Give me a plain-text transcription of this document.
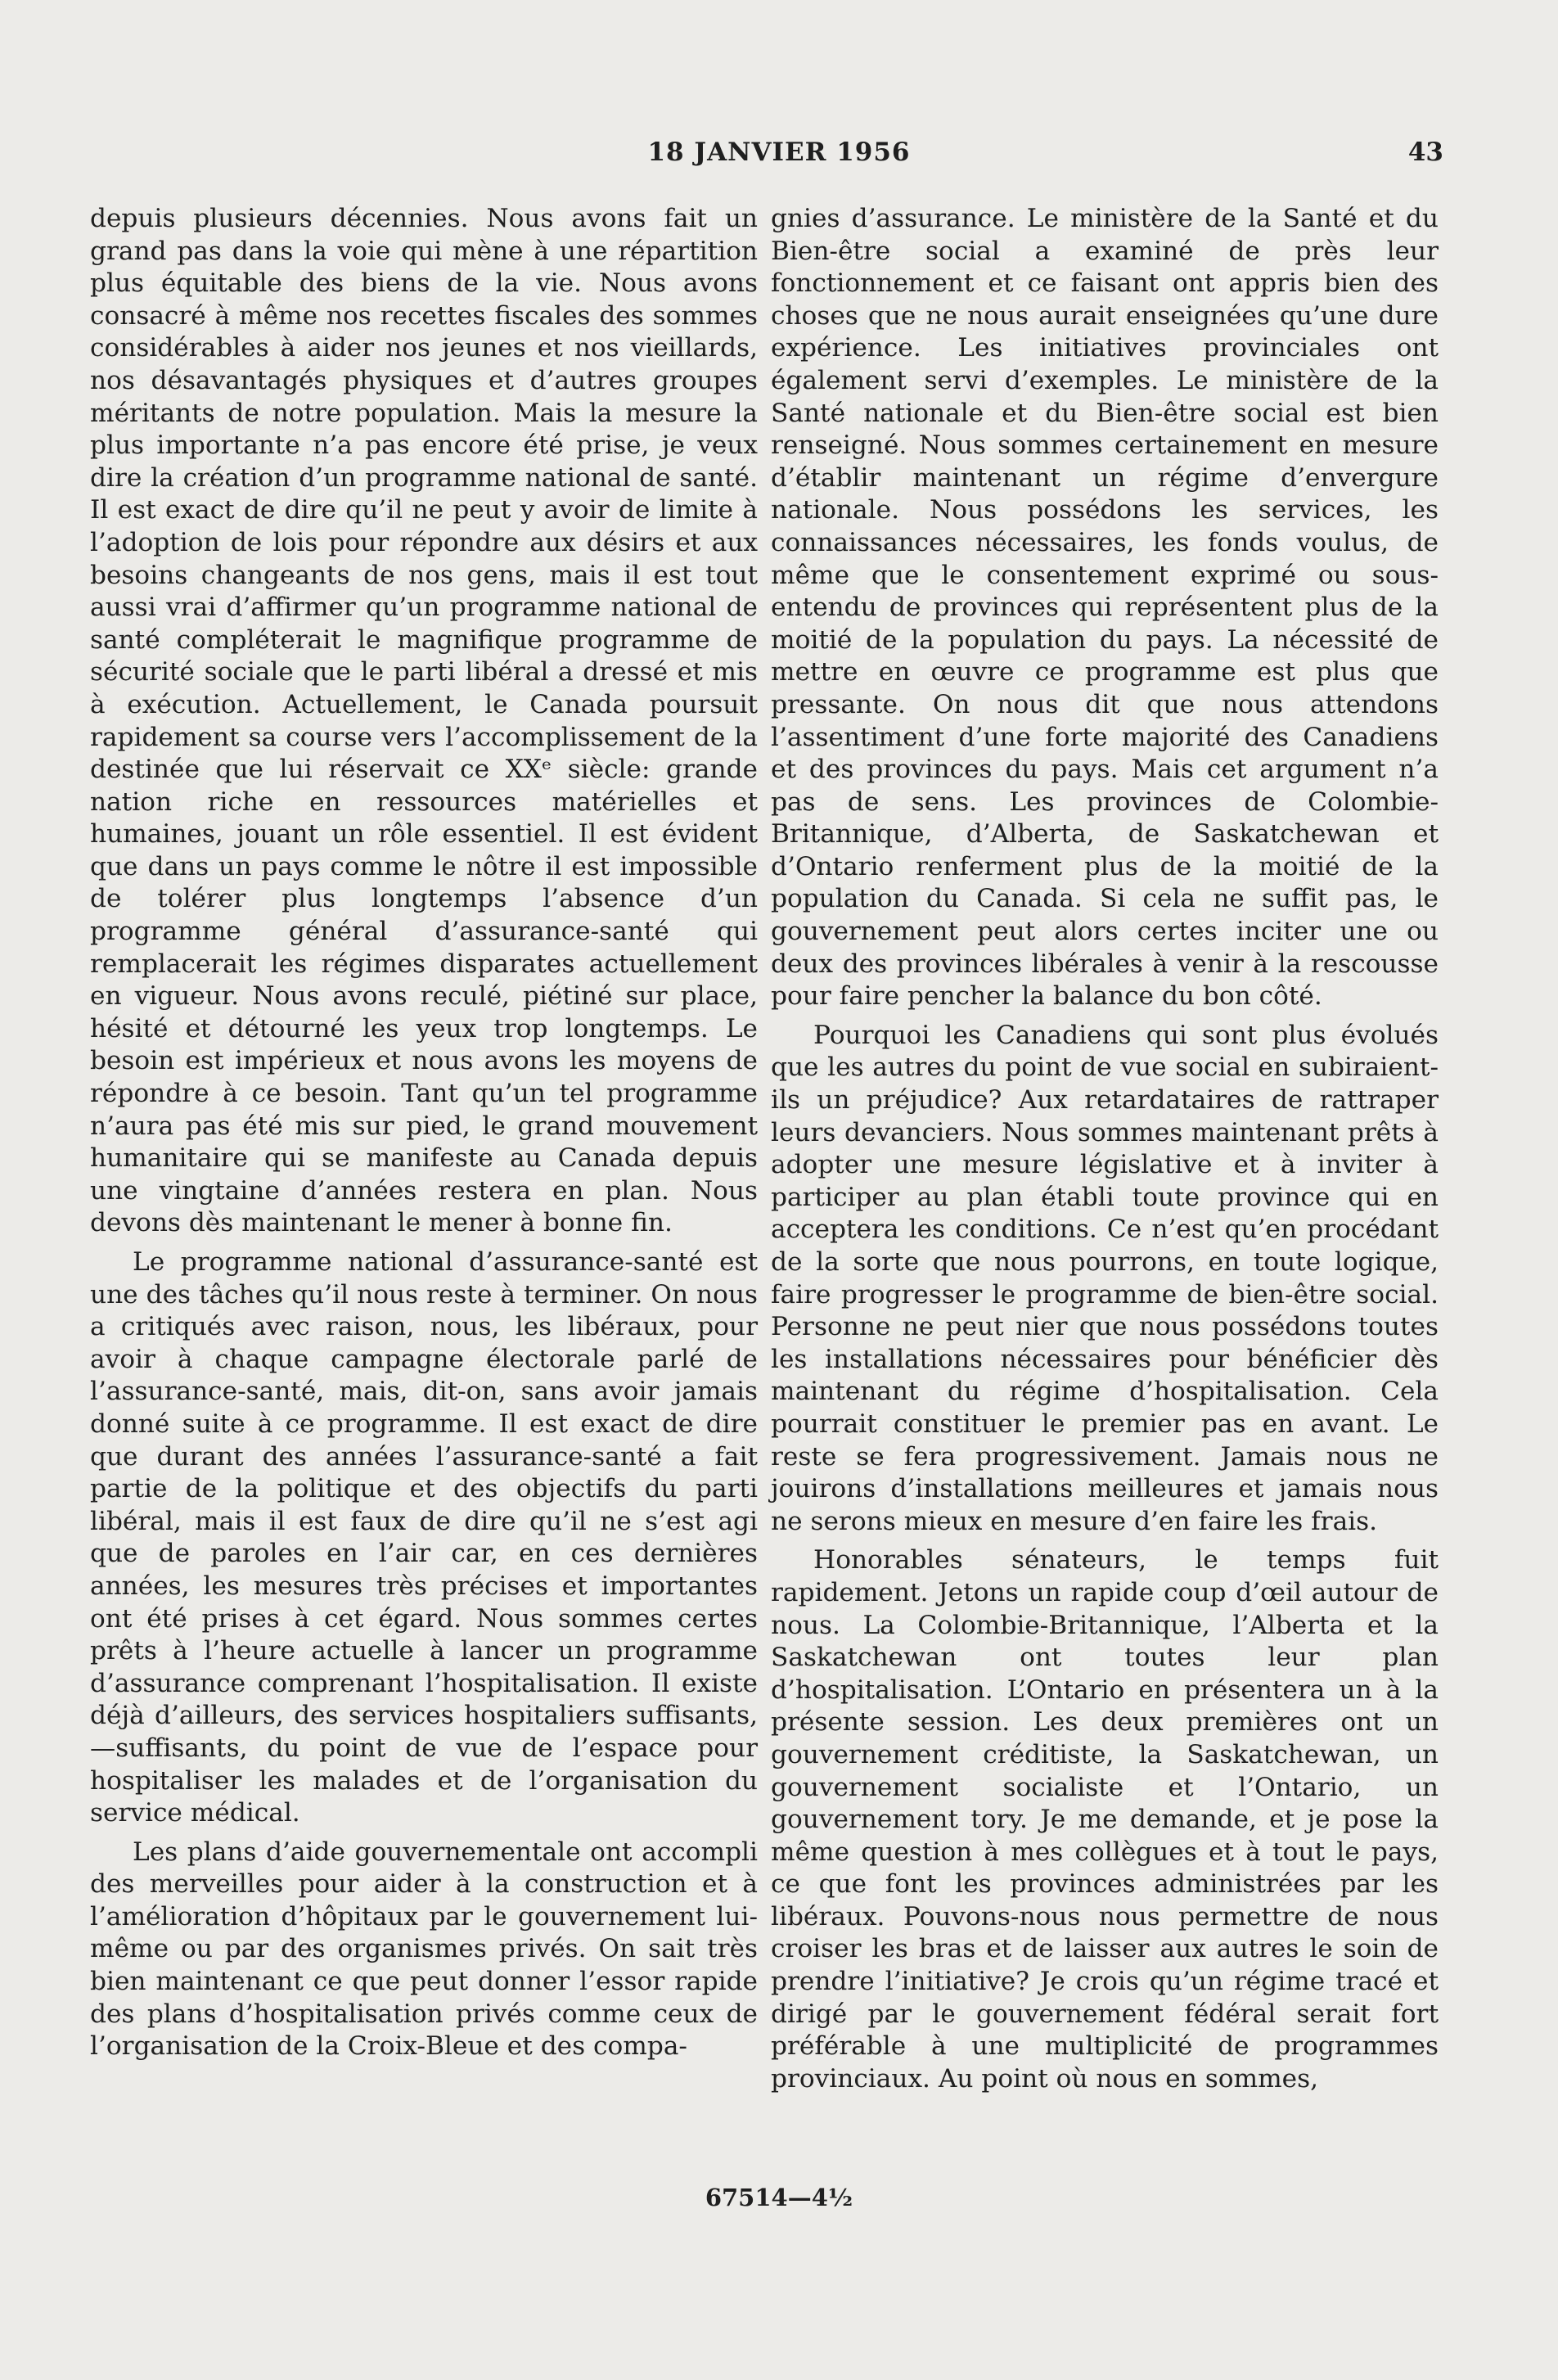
18 JANVIER 1956	43

depuis plusieurs décennies. Nous avons fait un grand pas dans la voie qui mène à une répartition plus équitable des biens de la vie. Nous avons consacré à même nos recettes fiscales des sommes considérables à aider nos jeunes et nos vieillards, nos désavantagés physiques et d’autres groupes méritants de notre population. Mais la mesure la plus importante n’a pas encore été prise, je veux dire la création d’un programme national de santé. Il est exact de dire qu’il ne peut y avoir de limite à l’adoption de lois pour répondre aux désirs et aux besoins changeants de nos gens, mais il est tout aussi vrai d’affirmer qu’un programme national de santé compléterait le magnifique programme de sécurité sociale que le parti libéral a dressé et mis à exécution. Actuellement, le Canada poursuit rapidement sa course vers l’accomplissement de la destinée que lui réservait ce XXᵉ siècle: grande nation riche en ressources matérielles et humaines, jouant un rôle essentiel. Il est évident que dans un pays comme le nôtre il est impossible de tolérer plus longtemps l’absence d’un programme général d’assurance-santé qui remplacerait les régimes disparates actuellement en vigueur. Nous avons reculé, piétiné sur place, hésité et détourné les yeux trop longtemps. Le besoin est impérieux et nous avons les moyens de répondre à ce besoin. Tant qu’un tel programme n’aura pas été mis sur pied, le grand mouvement humanitaire qui se manifeste au Canada depuis une vingtaine d’années restera en plan. Nous devons dès maintenant le mener à bonne fin.

Le programme national d’assurance-santé est une des tâches qu’il nous reste à terminer. On nous a critiqués avec raison, nous, les libéraux, pour avoir à chaque campagne électorale parlé de l’assurance-santé, mais, dit-on, sans avoir jamais donné suite à ce programme. Il est exact de dire que durant des années l’assurance-santé a fait partie de la politique et des objectifs du parti libéral, mais il est faux de dire qu’il ne s’est agi que de paroles en l’air car, en ces dernières années, les mesures très précises et importantes ont été prises à cet égard. Nous sommes certes prêts à l’heure actuelle à lancer un programme d’assurance comprenant l’hospitalisation. Il existe déjà d’ailleurs, des services hospitaliers suffisants,—suffisants, du point de vue de l’espace pour hospitaliser les malades et de l’organisation du service médical.

Les plans d’aide gouvernementale ont accompli des merveilles pour aider à la construction et à l’amélioration d’hôpitaux par le gouvernement lui-même ou par des organismes privés. On sait très bien maintenant ce que peut donner l’essor rapide des plans d’hospitalisation privés comme ceux de l’organisation de la Croix-Bleue et des compa-

gnies d’assurance. Le ministère de la Santé et du Bien-être social a examiné de près leur fonctionnement et ce faisant ont appris bien des choses que ne nous aurait enseignées qu’une dure expérience. Les initiatives provinciales ont également servi d’exemples. Le ministère de la Santé nationale et du Bien-être social est bien renseigné. Nous sommes certainement en mesure d’établir maintenant un régime d’envergure nationale. Nous possédons les services, les connaissances nécessaires, les fonds voulus, de même que le consentement exprimé ou sous-entendu de provinces qui représentent plus de la moitié de la population du pays. La nécessité de mettre en œuvre ce programme est plus que pressante. On nous dit que nous attendons l’assentiment d’une forte majorité des Canadiens et des provinces du pays. Mais cet argument n’a pas de sens. Les provinces de Colombie-Britannique, d’Alberta, de Saskatchewan et d’Ontario renferment plus de la moitié de la population du Canada. Si cela ne suffit pas, le gouvernement peut alors certes inciter une ou deux des provinces libérales à venir à la rescousse pour faire pencher la balance du bon côté.

Pourquoi les Canadiens qui sont plus évolués que les autres du point de vue social en subiraient-ils un préjudice? Aux retardataires de rattraper leurs devanciers. Nous sommes maintenant prêts à adopter une mesure législative et à inviter à participer au plan établi toute province qui en acceptera les conditions. Ce n’est qu’en procédant de la sorte que nous pourrons, en toute logique, faire progresser le programme de bien-être social. Personne ne peut nier que nous possédons toutes les installations nécessaires pour bénéficier dès maintenant du régime d’hospitalisation. Cela pourrait constituer le premier pas en avant. Le reste se fera progressivement. Jamais nous ne jouirons d’installations meilleures et jamais nous ne serons mieux en mesure d’en faire les frais.

Honorables sénateurs, le temps fuit rapidement. Jetons un rapide coup d’œil autour de nous. La Colombie-Britannique, l’Alberta et la Saskatchewan ont toutes leur plan d’hospitalisation. L’Ontario en présentera un à la présente session. Les deux premières ont un gouvernement créditiste, la Saskatchewan, un gouvernement socialiste et l’Ontario, un gouvernement tory. Je me demande, et je pose la même question à mes collègues et à tout le pays, ce que font les provinces administrées par les libéraux. Pouvons-nous nous permettre de nous croiser les bras et de laisser aux autres le soin de prendre l’initiative? Je crois qu’un régime tracé et dirigé par le gouvernement fédéral serait fort préférable à une multiplicité de programmes provinciaux. Au point où nous en sommes,

67514—4½
